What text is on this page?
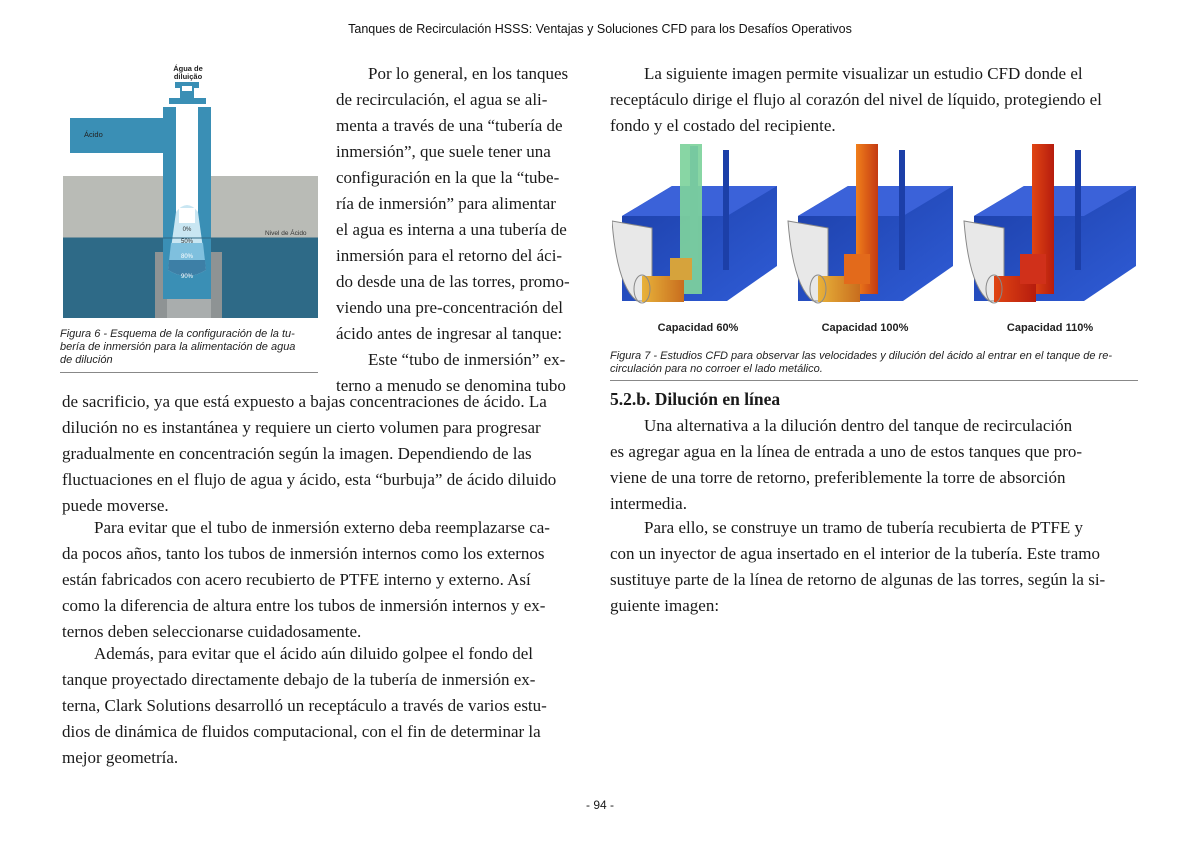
Tanques de Recirculación HSSS: Ventajas y Soluciones CFD para los Desafíos Operativos
Água de
diluição
Ácido
Nivel de Ácido
0%
50%
80%
90%
Figura 6 - Esquema de la configuración de la tu-
bería de inmersión para la alimentación de agua
de dilución
Por lo general, en los tanques
de recirculación, el agua se ali-
menta a través de una “tubería de
inmersión”, que suele tener una
configuración en la que la “tube-
ría de inmersión” para alimentar
el agua es interna a una tubería de
inmersión para el retorno del áci-
do desde una de las torres, promo-
viendo una pre-concentración del
ácido antes de ingresar al tanque:
Este “tubo de inmersión” ex-
terno a menudo se denomina tubo
de sacrificio, ya que está expuesto a bajas concentraciones de ácido. La
dilución no es instantánea y requiere un cierto volumen para progresar
gradualmente en concentración según la imagen. Dependiendo de las
fluctuaciones en el flujo de agua y ácido, esta “burbuja” de ácido diluido
puede moverse.
Para evitar que el tubo de inmersión externo deba reemplazarse ca-
da pocos años, tanto los tubos de inmersión internos como los externos
están fabricados con acero recubierto de PTFE interno y externo. Así
como la diferencia de altura entre los tubos de inmersión internos y ex-
ternos deben seleccionarse cuidadosamente.
Además, para evitar que el ácido aún diluido golpee el fondo del
tanque proyectado directamente debajo de la tubería de inmersión ex-
terna, Clark Solutions desarrolló un receptáculo a través de varios estu-
dios de dinámica de fluidos computacional, con el fin de determinar la
mejor geometría.
La siguiente imagen permite visualizar un estudio CFD donde el
receptáculo dirige el flujo al corazón del nivel de líquido, protegiendo el
fondo y el costado del recipiente.
Capacidad 60%	Capacidad 100%	Capacidad 110%
Figura 7 - Estudios CFD para observar las velocidades y dilución del ácido al entrar en el tanque de re-
circulación para no corroer el lado metálico.
5.2.b. Dilución en línea
Una alternativa a la dilución dentro del tanque de recirculación
es agregar agua en la línea de entrada a uno de estos tanques que pro-
viene de una torre de retorno, preferiblemente la torre de absorción
intermedia.
Para ello, se construye un tramo de tubería recubierta de PTFE y
con un inyector de agua insertado en el interior de la tubería. Este tramo
sustituye parte de la línea de retorno de algunas de las torres, según la si-
guiente imagen:
- 94 -
